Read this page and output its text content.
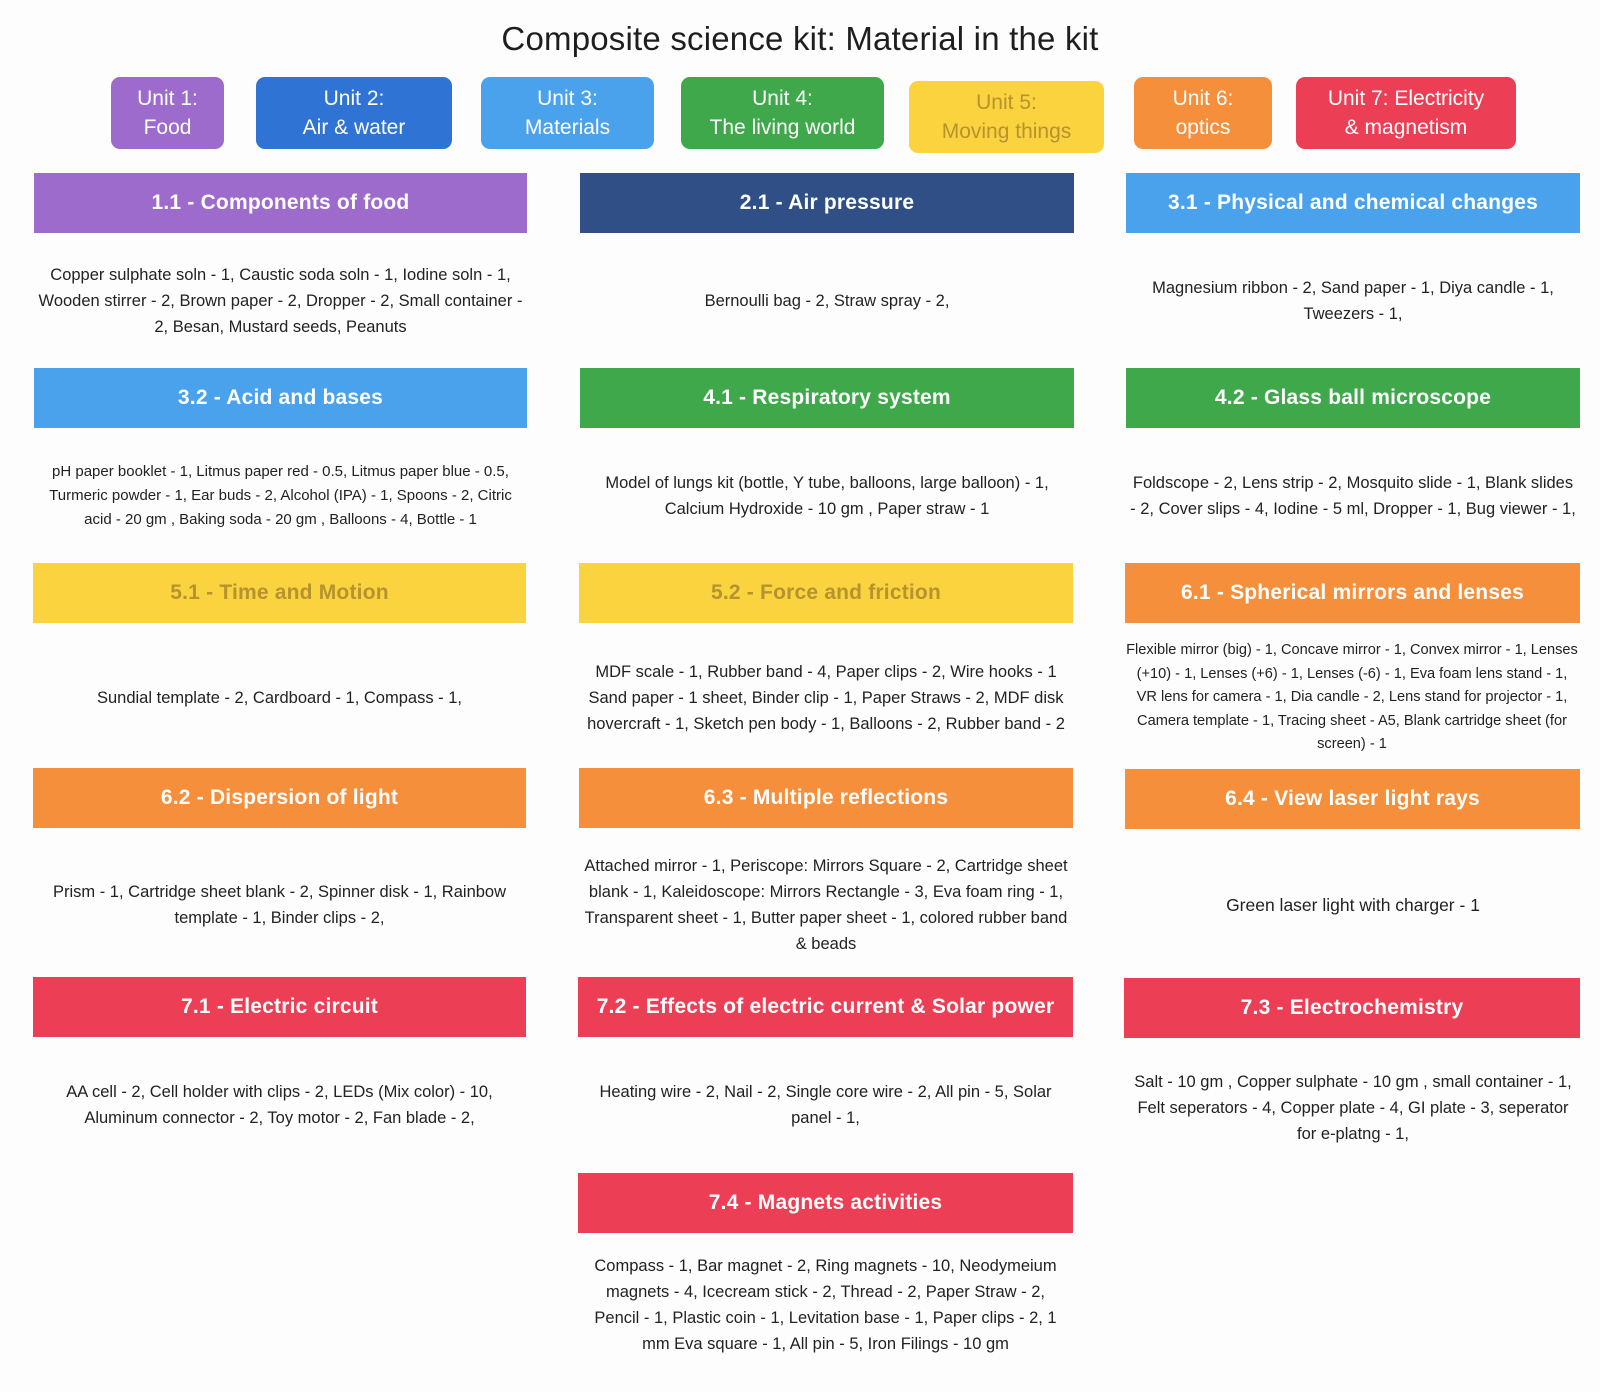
Composite science kit: Material in the kit
Unit 1:
Food
Unit 2:
Air & water
Unit 3:
Materials
Unit 4:
The living world
Unit 5:
Moving things
Unit 6:
optics
Unit 7: Electricity
& magnetism
1.1 - Components of food
Copper sulphate soln - 1, Caustic soda soln - 1, Iodine soln - 1, Wooden stirrer - 2, Brown paper - 2, Dropper - 2, Small container - 2, Besan, Mustard seeds, Peanuts
2.1 - Air pressure
Bernoulli bag - 2, Straw spray - 2,
3.1 - Physical and chemical changes
Magnesium ribbon - 2, Sand paper - 1, Diya candle - 1, Tweezers - 1,
3.2 - Acid and bases
pH paper booklet - 1, Litmus paper red - 0.5, Litmus paper blue - 0.5, Turmeric powder - 1, Ear buds - 2, Alcohol (IPA) - 1, Spoons - 2, Citric acid - 20 gm , Baking soda - 20 gm , Balloons - 4, Bottle - 1
4.1 - Respiratory system
Model of lungs kit (bottle, Y tube, balloons, large balloon) - 1, Calcium Hydroxide - 10 gm , Paper straw - 1
4.2 - Glass ball microscope
Foldscope - 2, Lens strip - 2, Mosquito slide - 1, Blank slides - 2, Cover slips - 4, Iodine - 5 ml, Dropper - 1, Bug viewer - 1,
5.1 - Time and Motion
Sundial template - 2, Cardboard - 1, Compass - 1,
5.2 - Force and friction
MDF scale - 1, Rubber band - 4, Paper clips - 2, Wire hooks - 1 Sand paper - 1 sheet, Binder clip - 1, Paper Straws - 2, MDF disk hovercraft - 1, Sketch pen body - 1, Balloons - 2, Rubber band - 2
6.1 - Spherical mirrors and lenses
Flexible mirror (big) - 1, Concave mirror - 1, Convex mirror - 1, Lenses (+10) - 1, Lenses (+6) - 1, Lenses (-6) - 1, Eva foam lens stand - 1, VR lens for camera - 1, Dia candle - 2, Lens stand for projector - 1, Camera template - 1, Tracing sheet - A5, Blank cartridge sheet (for screen) - 1
6.2 - Dispersion of light
Prism - 1, Cartridge sheet blank - 2, Spinner disk - 1, Rainbow template - 1, Binder clips - 2,
6.3 - Multiple reflections
Attached mirror - 1, Periscope: Mirrors Square - 2, Cartridge sheet blank - 1, Kaleidoscope: Mirrors Rectangle - 3, Eva foam ring - 1, Transparent sheet - 1, Butter paper sheet - 1, colored rubber band & beads
6.4 - View laser light rays
Green laser light with charger - 1
7.1 - Electric circuit
AA cell - 2, Cell holder with clips - 2, LEDs (Mix color) - 10, Aluminum connector - 2, Toy motor - 2, Fan blade - 2,
7.2 - Effects of electric current & Solar power
Heating wire - 2, Nail - 2, Single core wire - 2, All pin - 5, Solar panel - 1,
7.3 - Electrochemistry
Salt - 10 gm , Copper sulphate - 10 gm , small container - 1, Felt seperators - 4, Copper plate - 4, GI plate - 3, seperator for e-platng - 1,
7.4 - Magnets activities
Compass - 1, Bar magnet - 2, Ring magnets - 10, Neodymeium magnets - 4, Icecream stick - 2, Thread - 2, Paper Straw - 2, Pencil - 1, Plastic coin - 1, Levitation base - 1, Paper clips - 2, 1 mm Eva square - 1, All pin - 5, Iron Filings - 10 gm
